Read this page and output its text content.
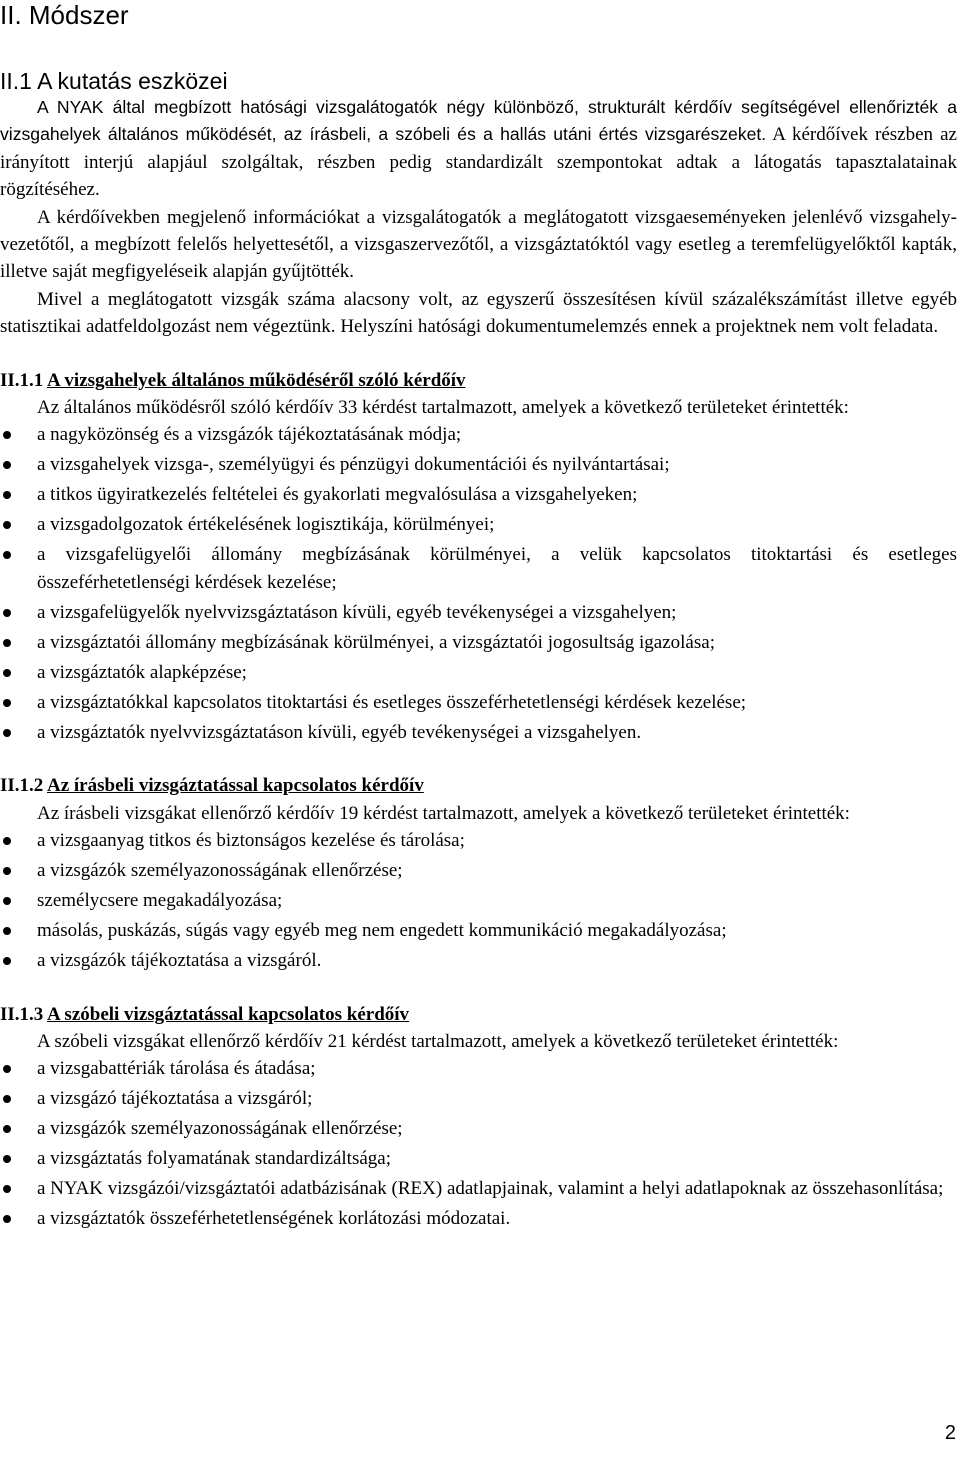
II. Módszer
II.1 A kutatás eszközei

A NYAK által megbízott hatósági vizsgalátogatók négy különböző, strukturált kérdőív segítségével ellenőrizték a vizsgahelyek általános működését, az írásbeli, a szóbeli és a hallás utáni értés vizsgarészeket. A kérdőívek részben az irányított interjú alapjául szolgáltak, részben pedig standardizált szempontokat adtak a látogatás tapasztalatainak rögzítéséhez.

A kérdőívekben megjelenő információkat a vizsgalátogatók a meglátogatott vizsgaeseményeken jelenlévő vizsgahely-vezetőtől, a megbízott felelős helyettesétől, a vizsgaszervezőtől, a vizsgáztatóktól vagy esetleg a teremfelügyelőktől kapták, illetve saját megfigyeléseik alapján gyűjtötték.

Mivel a meglátogatott vizsgák száma alacsony volt, az egyszerű összesítésen kívül százalékszámítást illetve egyéb statisztikai adatfeldolgozást nem végeztünk. Helyszíni hatósági dokumentumelemzés ennek a projektnek nem volt feladata.

II.1.1 A vizsgahelyek általános működéséről szóló kérdőív

Az általános működésről szóló kérdőív 33 kérdést tartalmazott, amelyek a következő területeket érintették:

a nagyközönség és a vizsgázók tájékoztatásának módja;
a vizsgahelyek vizsga-, személyügyi és pénzügyi dokumentációi és nyilvántartásai;
a titkos ügyiratkezelés feltételei és gyakorlati megvalósulása a vizsgahelyeken;
a vizsgadolgozatok értékelésének logisztikája, körülményei;
a vizsgafelügyelői állomány megbízásának körülményei, a velük kapcsolatos titoktartási és esetleges összeférhetetlenségi kérdések kezelése;
a vizsgafelügyelők nyelvvizsgáztatáson kívüli, egyéb tevékenységei a vizsgahelyen;
a vizsgáztatói állomány megbízásának körülményei, a vizsgáztatói jogosultság igazolása;
a vizsgáztatók alapképzése;
a vizsgáztatókkal kapcsolatos titoktartási és esetleges összeférhetetlenségi kérdések kezelése;
a vizsgáztatók nyelvvizsgáztatáson kívüli, egyéb tevékenységei a vizsgahelyen.
II.1.2 Az írásbeli vizsgáztatással kapcsolatos kérdőív

Az írásbeli vizsgákat ellenőrző kérdőív 19 kérdést tartalmazott, amelyek a következő területeket érintették:

a vizsgaanyag titkos és biztonságos kezelése és tárolása;
a vizsgázók személyazonosságának ellenőrzése;
személycsere megakadályozása;
másolás, puskázás, súgás vagy egyéb meg nem engedett kommunikáció megakadályozása;
a vizsgázók tájékoztatása a vizsgáról.
II.1.3 A szóbeli vizsgáztatással kapcsolatos kérdőív

A szóbeli vizsgákat ellenőrző kérdőív 21 kérdést tartalmazott, amelyek a következő területeket érintették:

a vizsgabattériák tárolása és átadása;
a vizsgázó tájékoztatása a vizsgáról;
a vizsgázók személyazonosságának ellenőrzése;
a vizsgáztatás folyamatának standardizáltsága;
a NYAK vizsgázói/vizsgáztatói adatbázisának (REX) adatlapjainak, valamint a helyi adatlapoknak az összehasonlítása;
a vizsgáztatók összeférhetetlenségének korlátozási módozatai.
2
